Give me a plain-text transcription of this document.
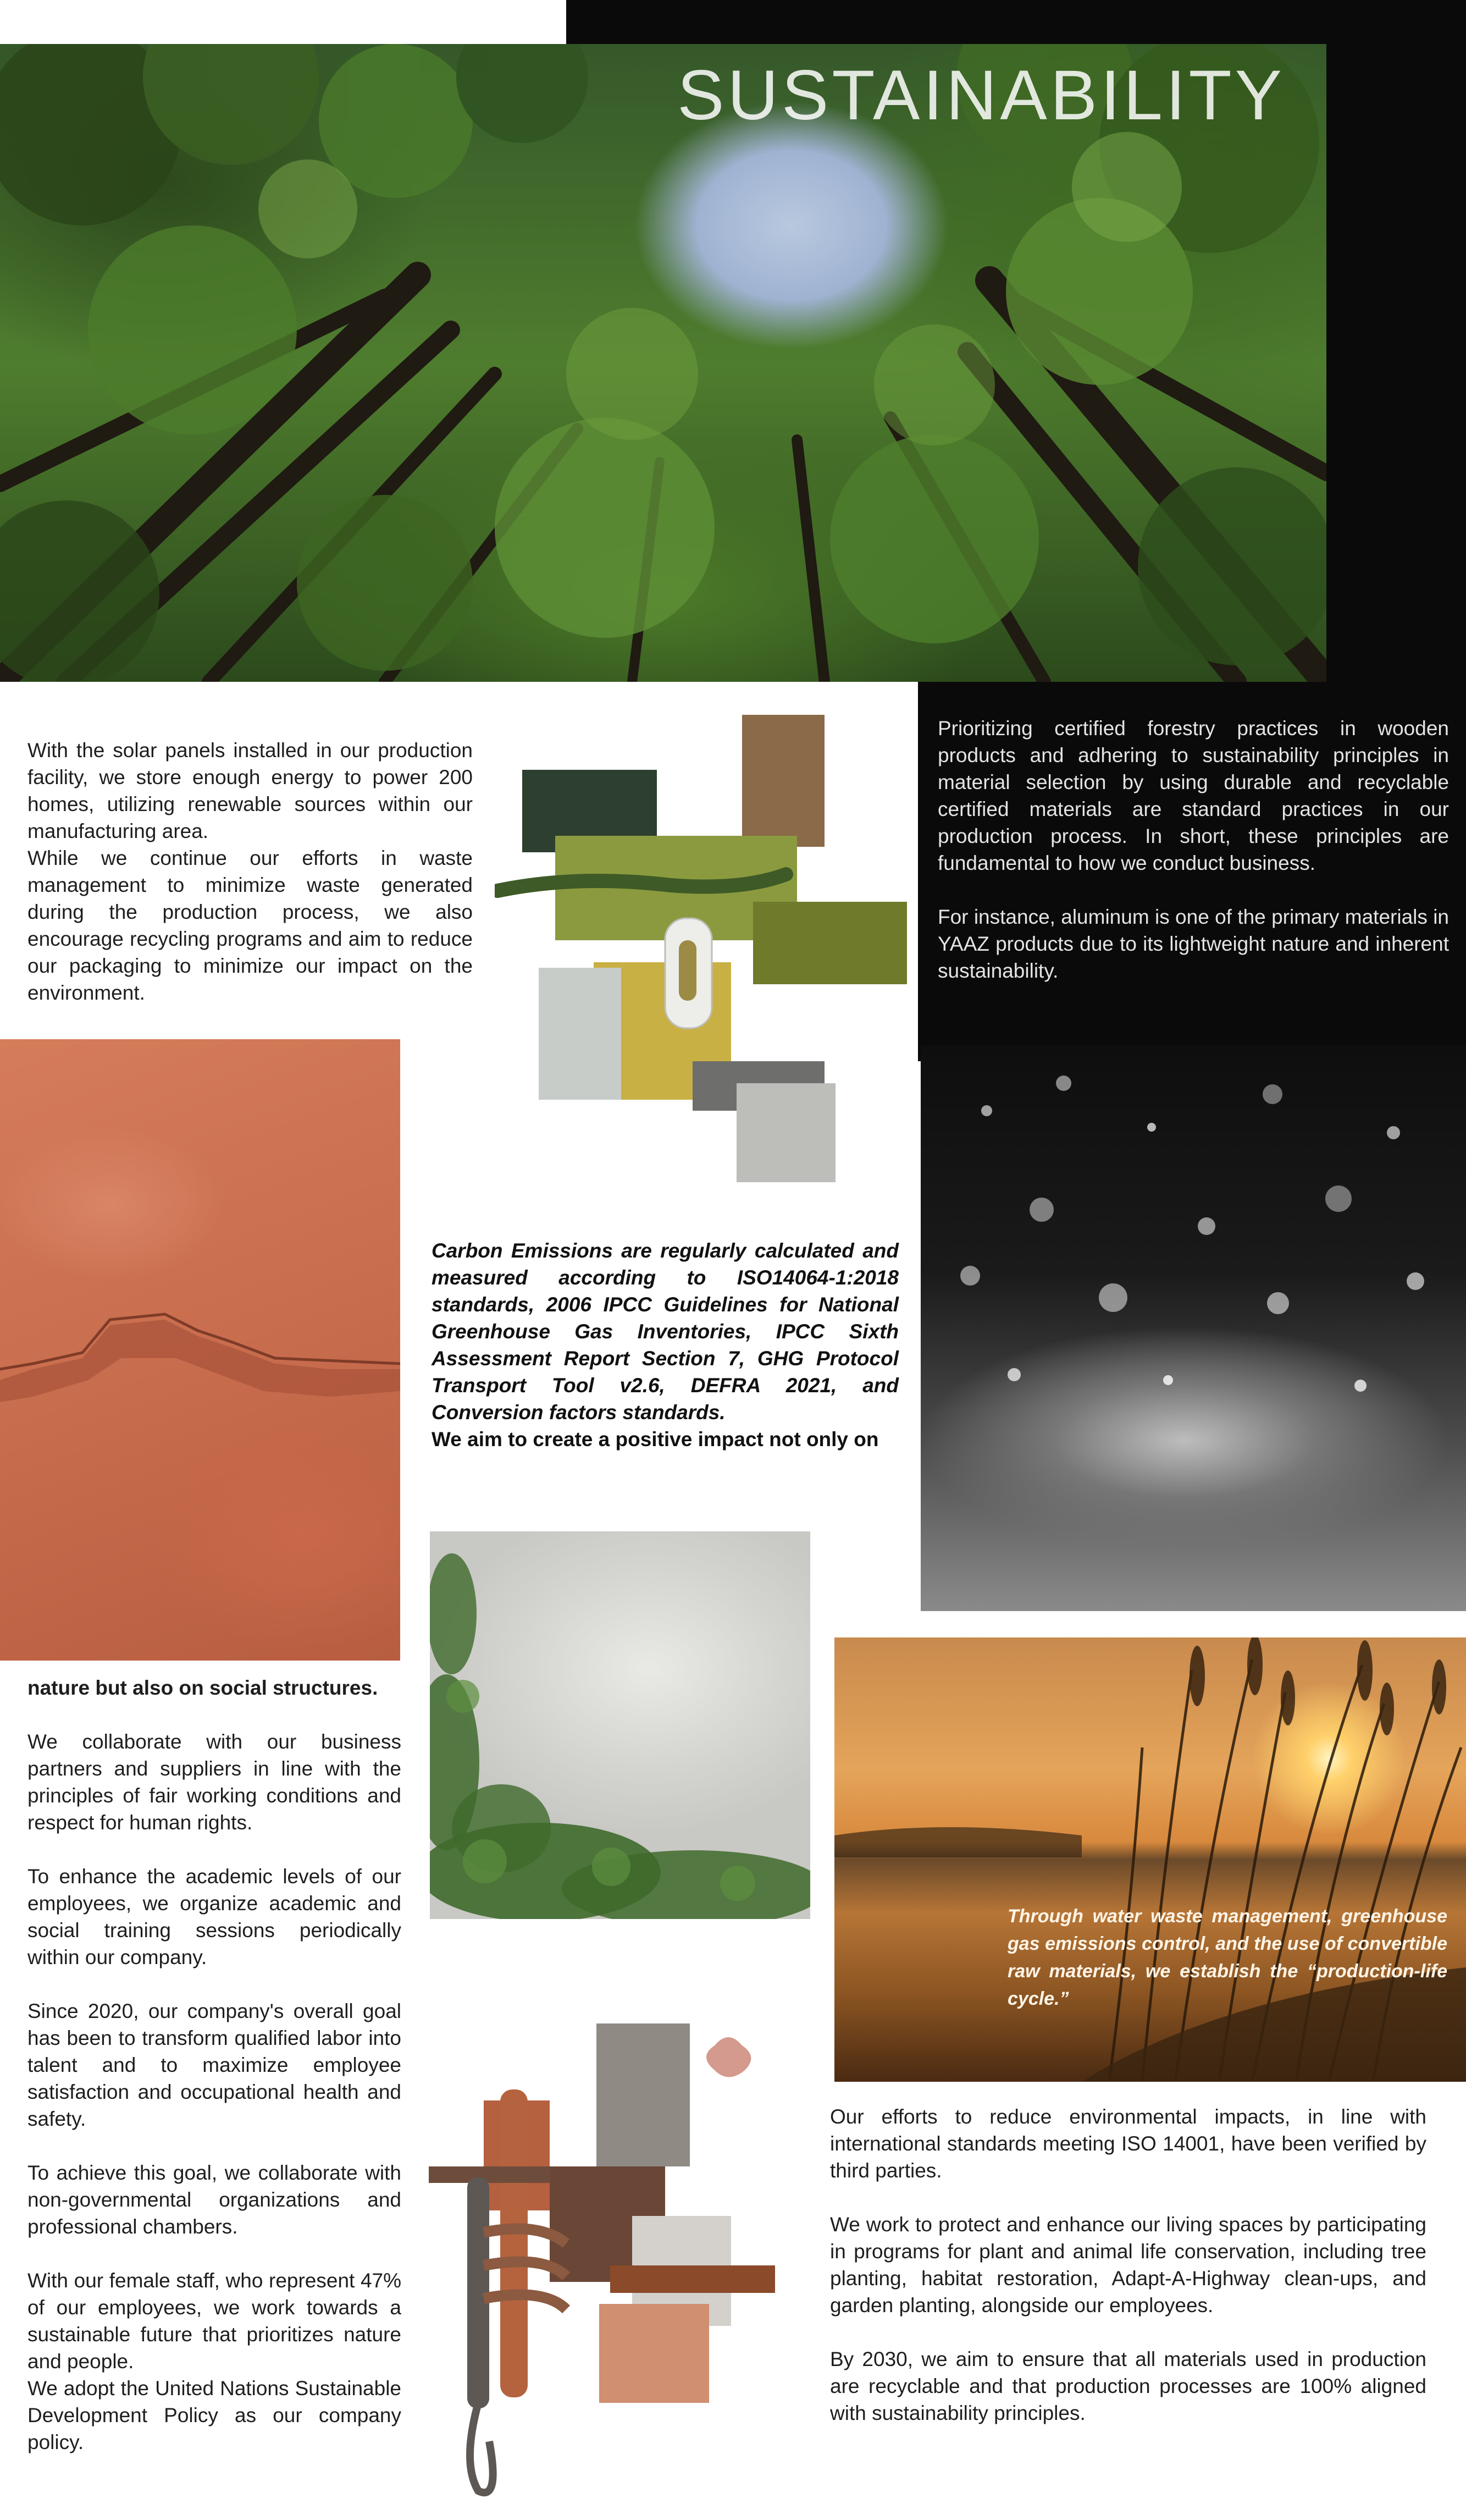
SUSTAINABILITY

With the solar panels installed in our production facility, we store enough energy to power 200 homes, utilizing renewable sources within our manufacturing area.

While we continue our efforts in waste management to minimize waste generated during the production process, we also encourage recycling programs and aim to reduce our packaging to minimize our impact on the environment.

Prioritizing certified forestry practices in wooden products and adhering to sustainability principles in material selection by using durable and recyclable certified materials are standard practices in our production process. In short, these principles are fundamental to how we conduct business.

For instance, aluminum is one of the primary materials in YAAZ products due to its lightweight nature and inherent sustainability.

Carbon Emissions are regularly calculated and measured according to ISO14064-1:2018 standards, 2006 IPCC Guidelines for National Greenhouse Gas Inventories, IPCC Sixth Assessment Report Section 7, GHG Protocol Transport Tool v2.6, DEFRA 2021, and Conversion factors standards.
We aim to create a positive impact not only on
Through water waste management, greenhouse gas emissions control, and the use of convertible raw materials, we establish the “production-life cycle.”

nature but also on social structures.

We collaborate with our business partners and suppliers in line with the principles of fair working conditions and respect for human rights.

To enhance the academic levels of our employees, we organize academic and social training sessions periodically within our company.

Since 2020, our company's overall goal has been to transform qualified labor into talent and to maximize employee satisfaction and occupational health and safety.

To achieve this goal, we collaborate with non-governmental organizations and professional chambers.

With our female staff, who represent 47% of our employees, we work towards a sustainable future that prioritizes nature and people.

We adopt the United Nations Sustainable Development Policy as our company policy.

Our efforts to reduce environmental impacts, in line with international standards meeting ISO 14001, have been verified by third parties.

We work to protect and enhance our living spaces by participating in programs for plant and animal life conservation, including tree planting, habitat restoration, Adapt-A-Highway clean-ups, and garden planting, alongside our employees.

By 2030, we aim to ensure that all materials used in production are recyclable and that production processes are 100% aligned with sustainability principles.
